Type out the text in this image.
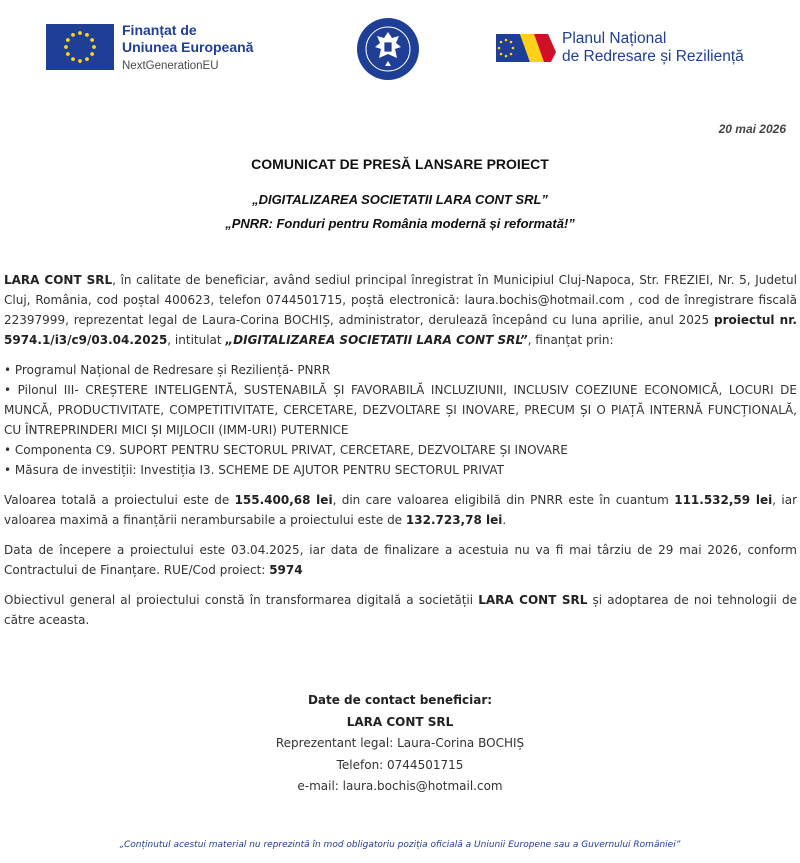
Finanțat de
Uniunea Europeană
NextGenerationEU
Planul Național
de Redresare și Reziliență
20 mai 2026
COMUNICAT DE PRESĂ LANSARE PROIECT
„DIGITALIZAREA SOCIETATII LARA CONT SRL”
„PNRR: Fonduri pentru România modernă și reformată!”

LARA CONT SRL, în calitate de beneficiar, având sediul principal înregistrat în Municipiul Cluj-Napoca, Str. FREZIEI, Nr. 5, Judetul Cluj, România, cod poștal 400623, telefon 0744501715, poștă electronică: laura.bochis@hotmail.com , cod de înregistrare fiscală 22397999, reprezentat legal de Laura-Corina BOCHIȘ, administrator, derulează începând cu luna aprilie, anul 2025 proiectul nr. 5974.1/i3/c9/03.04.2025, intitulat „DIGITALIZAREA SOCIETATII LARA CONT SRL”, finanțat prin:

• Programul Național de Redresare și Reziliență- PNRR
• Pilonul III- CREȘTERE INTELIGENTĂ, SUSTENABILĂ ȘI FAVORABILĂ INCLUZIUNII, INCLUSIV COEZIUNE ECONOMICĂ, LOCURI DE MUNCĂ, PRODUCTIVITATE, COMPETITIVITATE, CERCETARE, DEZVOLTARE ȘI INOVARE, PRECUM ȘI O PIAȚĂ INTERNĂ FUNCȚIONALĂ, CU ÎNTREPRINDERI MICI ȘI MIJLOCII (IMM-URI) PUTERNICE
• Componenta C9. SUPORT PENTRU SECTORUL PRIVAT, CERCETARE, DEZVOLTARE ȘI INOVARE
• Măsura de investiții: Investiția I3. SCHEME DE AJUTOR PENTRU SECTORUL PRIVAT

Valoarea totală a proiectului este de 155.400,68 lei, din care valoarea eligibilă din PNRR este în cuantum 111.532,59 lei, iar valoarea maximă a finanțării nerambursabile a proiectului este de 132.723,78 lei.

Data de începere a proiectului este 03.04.2025, iar data de finalizare a acestuia nu va fi mai târziu de 29 mai 2026, conform Contractului de Finanțare. RUE/Cod proiect: 5974

Obiectivul general al proiectului constă în transformarea digitală a societății LARA CONT SRL și adoptarea de noi tehnologii de către aceasta.

Date de contact beneficiar:
LARA CONT SRL
Reprezentant legal: Laura-Corina BOCHIȘ
Telefon: 0744501715
e-mail: laura.bochis@hotmail.com
„Conținutul acestui material nu reprezintă în mod obligatoriu poziția oficială a Uniunii Europene sau a Guvernului României”
